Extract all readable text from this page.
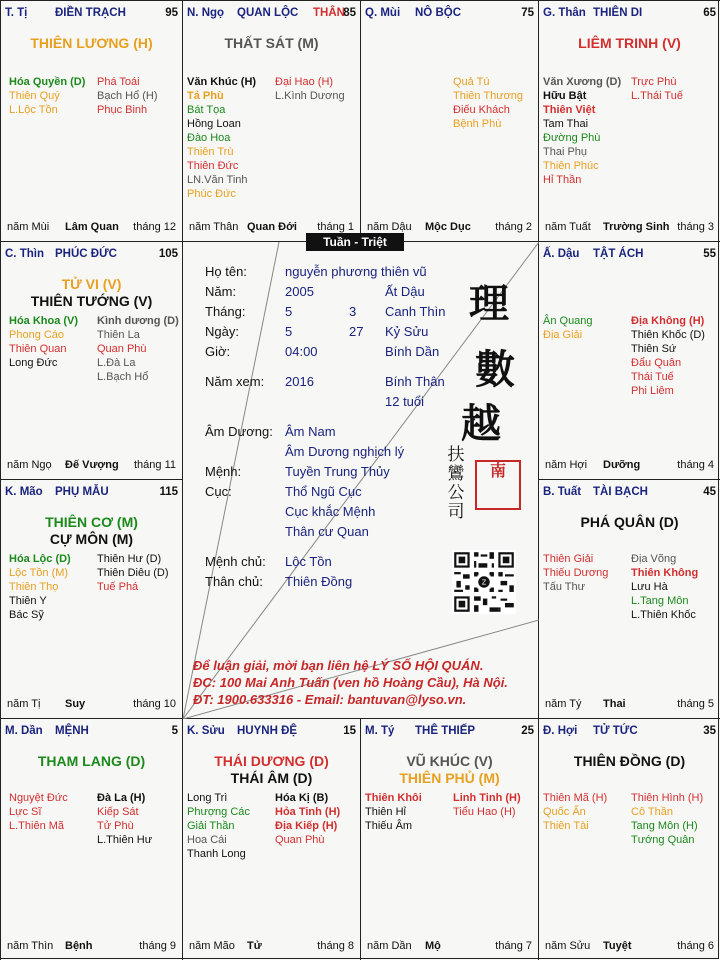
T. Tị ĐIỀN TRẠCH	95
THIÊN LƯƠNG (H)
Hóa Quyền (D)
Thiên Quý
L.Lộc Tồn
Phá Toái
Bạch Hổ (H)
Phục Binh
năm Mùi Lâm Quan tháng 12
N. Ngọ QUAN LỘC THÂN
85
THẤT SÁT (M)
Văn Khúc (H)
Tả Phù
Bát Tọa
Hồng Loan
Đào Hoa
Thiên Trù
Thiên Đức
LN.Văn Tinh
Phúc Đức
Đại Hao (H)
L.Kình Dương
năm Thân Quan Đới tháng 1
Q. Mùi NÔ BỘC	75
Quả Tú
Thiên Thương
Điếu Khách
Bệnh Phù
năm Dậu Mộc Dục tháng 2
G. Thân THIÊN DI	65
LIÊM TRINH (V)
Văn Xương (D)
Hữu Bật
Thiên Việt
Tam Thai
Đường Phù
Thai Phụ
Thiên Phúc
Hỉ Thần
Trực Phù
L.Thái Tuế
năm Tuất Trường Sinh tháng 3
C. Thìn PHÚC ĐỨC	105
TỬ VI (V)
THIÊN TƯỚNG (V)
Hóa Khoa (V)
Phong Cáo
Thiên Quan
Long Đức
Kình dương (D)
Thiên La
Quan Phù
L.Đà La
L.Bạch Hổ
năm Ngọ Đế Vượng tháng 11
Ấ. Dậu TẬT ÁCH	55
Ân Quang
Địa Giải
Địa Không (H)
Thiên Khốc (D)
Thiên Sứ
Đẩu Quân
Thái Tuế
Phi Liêm
năm Hợi Dưỡng	tháng 4
K. Mão PHỤ MẪU	115
THIÊN CƠ (M)
CỰ MÔN (M)
Hóa Lộc (D)
Lộc Tồn (M)
Thiên Thọ
Thiên Y
Bác Sỹ
Thiên Hư (D)
Thiên Diêu (D)
Tuế Phá
năm Tị Suy	tháng 10
B. Tuất TÀI BẠCH	45
PHÁ QUÂN (D)
Thiên Giải
Thiếu Dương
Tấu Thư
Địa Võng
Thiên Không
Lưu Hà
L.Tang Môn
L.Thiên Khốc
năm Tý Thai	tháng 5
M. Dần MỆNH	5
THAM LANG (D)
Nguyệt Đức
Lực Sĩ
L.Thiên Mã
Đà La (H)
Kiếp Sát
Tử Phù
L.Thiên Hư
năm Thìn Bệnh	tháng 9
K. Sửu HUYNH ĐỆ	15
THÁI DƯƠNG (D)
THÁI ÂM (D)
Long Trì
Phượng Các
Giải Thần
Hoa Cái
Thanh Long
Hóa Kị (B)
Hỏa Tinh (H)
Địa Kiếp (H)
Quan Phù
năm Mão Tử	tháng 8
M. Tý THÊ THIẾP	25
VŨ KHÚC (V)
THIÊN PHỦ (M)
Thiên Khôi
Thiên Hỉ
Thiếu Âm
Linh Tinh (H)
Tiểu Hao (H)
năm Dần Mộ	tháng 7
Đ. Hợi TỬ TỨC	35
THIÊN ĐỒNG (D)
Thiên Mã (H)
Quốc Ấn
Thiên Tài
Thiên Hình (H)
Cô Thần
Tang Môn (H)
Tướng Quân
năm Sửu Tuyệt	tháng 6
Họ tên:	nguyễn phương thiên vũ
Năm:	2005	Ất Dậu
Tháng:	5	3 Canh Thìn
Ngày:	5	27 Kỷ Sửu
Giờ:	04:00	Bính Dần
Năm xem: 2016	Bính Thân
12 tuổi
Âm Dương: Âm Nam
Âm Dương nghịch lý
Mệnh:	Tuyền Trung Thủy
Cục:	Thổ Ngũ Cục
Cục khắc Mệnh
Thân cư Quan
Mệnh chủ: Lộc Tồn
Thân chủ: Thiên Đồng
理
數
越
南
扶
鸞
公
司
Z
Để luận giải, mời bạn liên hệ LÝ SỐ HỘI QUÁN.
ĐC: 100 Mai Anh Tuấn (ven hồ Hoàng Cầu), Hà Nội.
ĐT: 1900.633316 - Email: bantuvan@lyso.vn.
Tuần - Triệt
